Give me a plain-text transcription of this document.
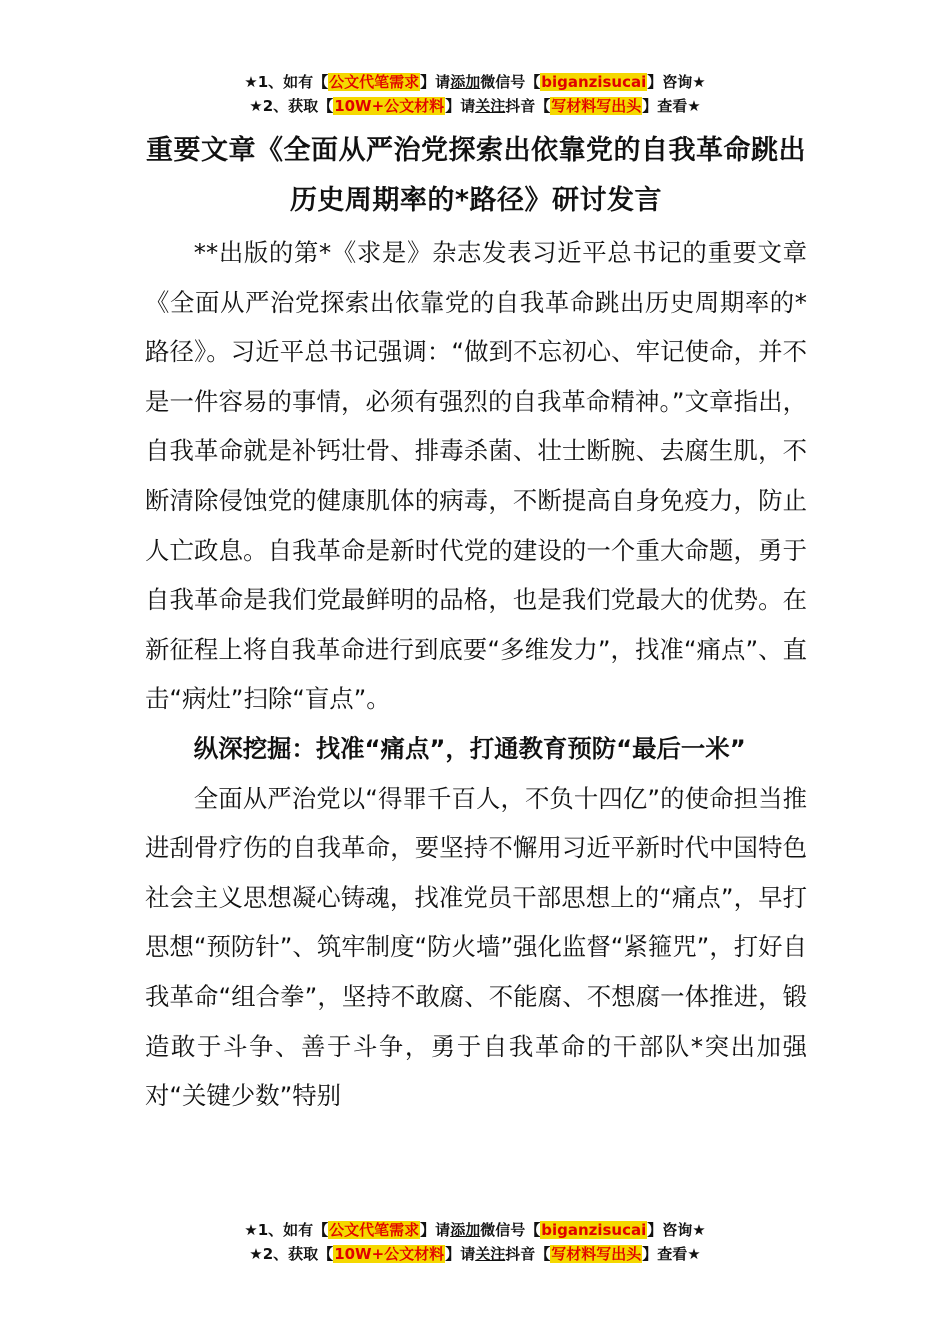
★1、如有【公文代笔需求】请添加微信号【biganzisucai】咨询★
★2、获取【10W+公文材料】请关注抖音【写材料写出头】查看★
重要文章《全面从严治党探索出依靠党的自我革命跳出历史周期率的*路径》研讨发言

**出版的第*《求是》杂志发表习近平总书记的重要文章《全面从严治党探索出依靠党的自我革命跳出历史周期率的*路径》。习近平总书记强调：“做到不忘初心、牢记使命，并不是一件容易的事情，必须有强烈的自我革命精神。”文章指出，自我革命就是补钙壮骨、排毒杀菌、壮士断腕、去腐生肌，不断清除侵蚀党的健康肌体的病毒，不断提高自身免疫力，防止人亡政息。自我革命是新时代党的建设的一个重大命题，勇于自我革命是我们党最鲜明的品格，也是我们党最大的优势。在新征程上将自我革命进行到底要“多维发力”，找准“痛点”、直击“病灶”扫除“盲点”。

纵深挖掘：找准“痛点”，打通教育预防“最后一米”

全面从严治党以“得罪千百人，不负十四亿”的使命担当推进刮骨疗伤的自我革命，要坚持不懈用习近平新时代中国特色社会主义思想凝心铸魂，找准党员干部思想上的“痛点”，早打思想“预防针”、筑牢制度“防火墙”强化监督“紧箍咒”，打好自我革命“组合拳”，坚持不敢腐、不能腐、不想腐一体推进，锻造敢于斗争、善于斗争，勇于自我革命的干部队*突出加强对“关键少数”特别

★1、如有【公文代笔需求】请添加微信号【biganzisucai】咨询★
★2、获取【10W+公文材料】请关注抖音【写材料写出头】查看★
